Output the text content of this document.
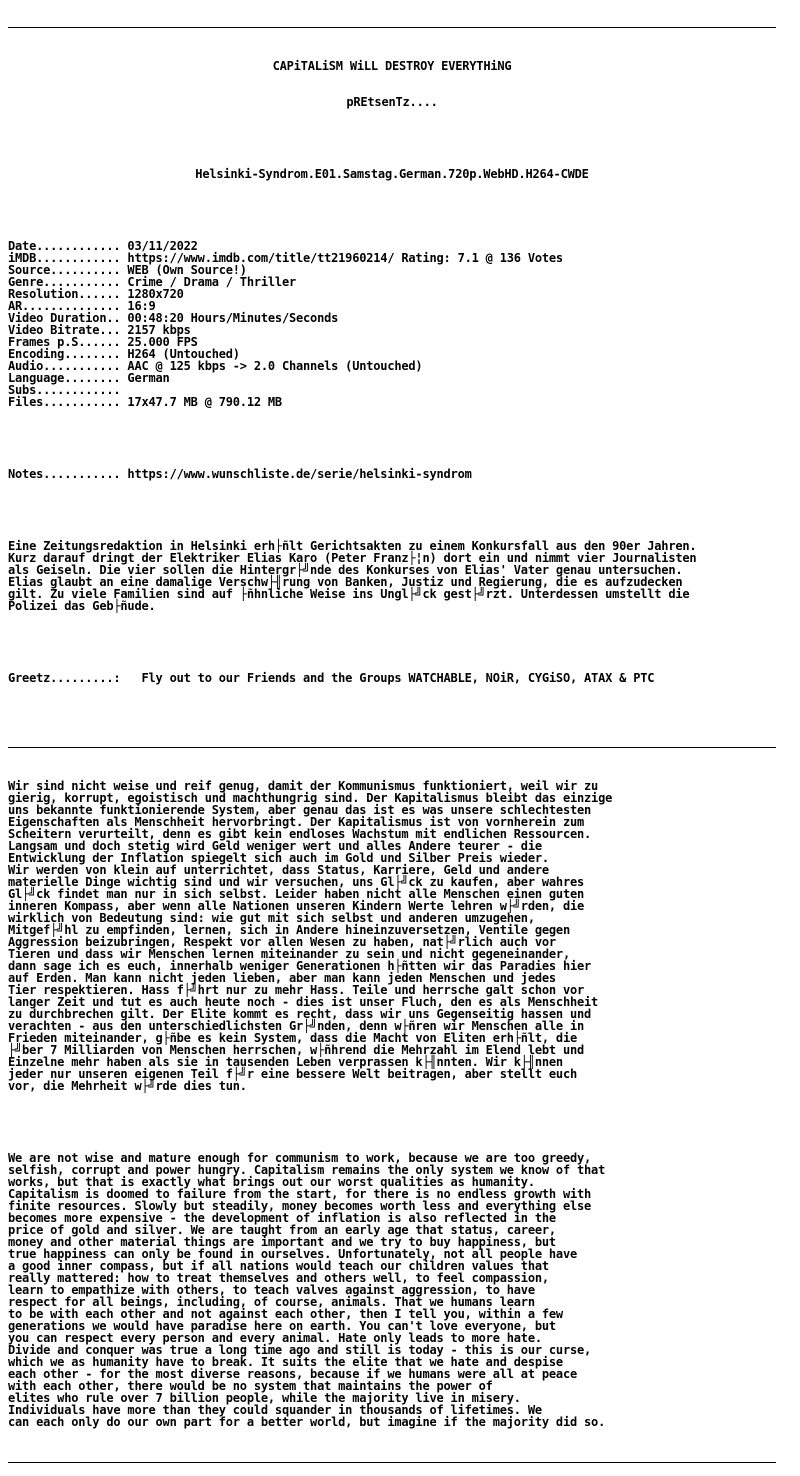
CAPiTALiSM WiLL DESTROY EVERYTHiNG

pREtsenTz....

Helsinki-Syndrom.E01.Samstag.German.720p.WebHD.H264-CWDE

Date............ 03/11/2022
iMDB............ https://www.imdb.com/title/tt21960214/ Rating: 7.1 @ 136 Votes
Source.......... WEB (Own Source!)
Genre........... Crime / Drama / Thriller
Resolution...... 1280x720
AR.............. 16:9
Video Duration.. 00:48:20 Hours/Minutes/Seconds
Video Bitrate... 2157 kbps
Frames p.S...... 25.000 FPS
Encoding........ H264 (Untouched)
Audio........... AAC @ 125 kbps -> 2.0 Channels (Untouched)
Language........ German
Subs............
Files........... 17x47.7 MB @ 790.12 MB

Notes........... https://www.wunschliste.de/serie/helsinki-syndrom

Eine Zeitungsredaktion in Helsinki erh├ñlt Gerichtsakten zu einem Konkursfall aus den 90er Jahren.
Kurz darauf dringt der Elektriker Elias Karo (Peter Franz├¦n) dort ein und nimmt vier Journalisten
als Geiseln. Die vier sollen die Hintergr├╝nde des Konkurses von Elias' Vater genau untersuchen.
Elias glaubt an eine damalige Verschw├╢rung von Banken, Justiz und Regierung, die es aufzudecken
gilt. Zu viele Familien sind auf ├ñhnliche Weise ins Ungl├╝ck gest├╝rzt. Unterdessen umstellt die
Polizei das Geb├ñude.

Greetz.........:   Fly out to our Friends and the Groups WATCHABLE, NOiR, CYGiSO, ATAX & PTC

Wir sind nicht weise und reif genug, damit der Kommunismus funktioniert, weil wir zu
gierig, korrupt, egoistisch und machthungrig sind. Der Kapitalismus bleibt das einzige
uns bekannte funktionierende System, aber genau das ist es was unsere schlechtesten
Eigenschaften als Menschheit hervorbringt. Der Kapitalismus ist von vornherein zum
Scheitern verurteilt, denn es gibt kein endloses Wachstum mit endlichen Ressourcen.
Langsam und doch stetig wird Geld weniger wert und alles Andere teurer - die
Entwicklung der Inflation spiegelt sich auch im Gold und Silber Preis wieder.
Wir werden von klein auf unterrichtet, dass Status, Karriere, Geld und andere
materielle Dinge wichtig sind und wir versuchen, uns Gl├╝ck zu kaufen, aber wahres
Gl├╝ck findet man nur in sich selbst. Leider haben nicht alle Menschen einen guten
inneren Kompass, aber wenn alle Nationen unseren Kindern Werte lehren w├╝rden, die
wirklich von Bedeutung sind: wie gut mit sich selbst und anderen umzugehen,
Mitgef├╝hl zu empfinden, lernen, sich in Andere hineinzuversetzen, Ventile gegen
Aggression beizubringen, Respekt vor allen Wesen zu haben, nat├╝rlich auch vor
Tieren und dass wir Menschen lernen miteinander zu sein und nicht gegeneinander,
dann sage ich es euch, innerhalb weniger Generationen h├ñtten wir das Paradies hier
auf Erden. Man kann nicht jeden lieben, aber man kann jeden Menschen und jedes
Tier respektieren. Hass f├╝hrt nur zu mehr Hass. Teile und herrsche galt schon vor
langer Zeit und tut es auch heute noch - dies ist unser Fluch, den es als Menschheit
zu durchbrechen gilt. Der Elite kommt es recht, dass wir uns Gegenseitig hassen und
verachten - aus den unterschiedlichsten Gr├╝nden, denn w├ñren wir Menschen alle in
Frieden miteinander, g├ñbe es kein System, dass die Macht von Eliten erh├ñlt, die
├╝ber 7 Milliarden von Menschen herrschen, w├ñhrend die Mehrzahl im Elend lebt und
Einzelne mehr haben als sie in tausenden Leben verprassen k├╢nnten. Wir k├╢nnen
jeder nur unseren eigenen Teil f├╝r eine bessere Welt beitragen, aber stellt euch
vor, die Mehrheit w├╝rde dies tun.

We are not wise and mature enough for communism to work, because we are too greedy,
selfish, corrupt and power hungry. Capitalism remains the only system we know of that
works, but that is exactly what brings out our worst qualities as humanity.
Capitalism is doomed to failure from the start, for there is no endless growth with
finite resources. Slowly but steadily, money becomes worth less and everything else
becomes more expensive - the development of inflation is also reflected in the
price of gold and silver. We are taught from an early age that status, career,
money and other material things are important and we try to buy happiness, but
true happiness can only be found in ourselves. Unfortunately, not all people have
a good inner compass, but if all nations would teach our children values that
really mattered: how to treat themselves and others well, to feel compassion,
learn to empathize with others, to teach valves against aggression, to have
respect for all beings, including, of course, animals. That we humans learn
to be with each other and not against each other, then I tell you, within a few
generations we would have paradise here on earth. You can't love everyone, but
you can respect every person and every animal. Hate only leads to more hate.
Divide and conquer was true a long time ago and still is today - this is our curse,
which we as humanity have to break. It suits the elite that we hate and despise
each other - for the most diverse reasons, because if we humans were all at peace
with each other, there would be no system that maintains the power of
elites who rule over 7 billion people, while the majority live in misery.
Individuals have more than they could squander in thousands of lifetimes. We
can each only do our own part for a better world, but imagine if the majority did so.
